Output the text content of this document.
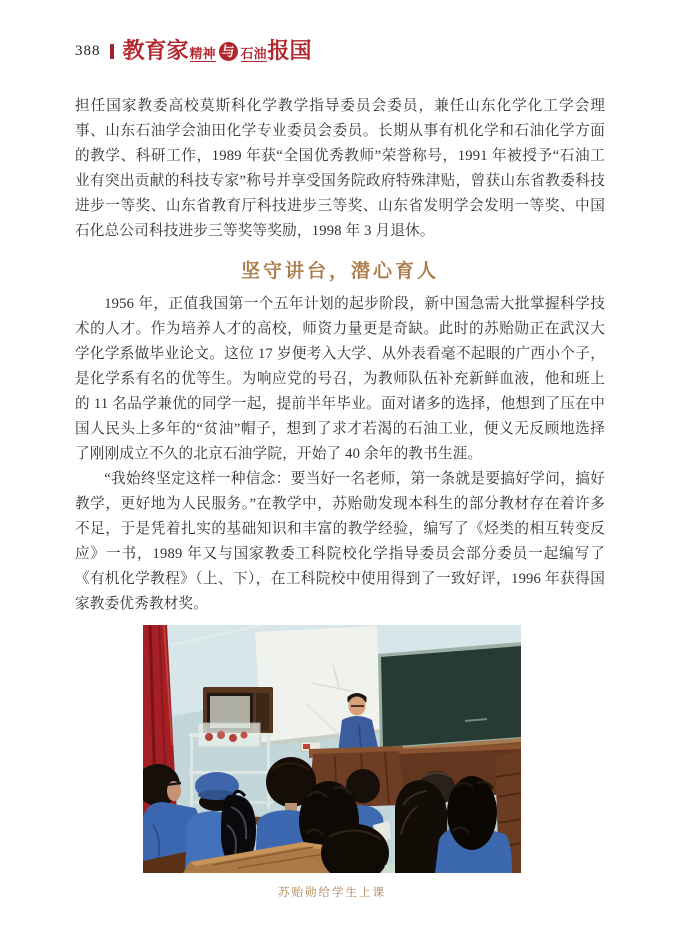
388 教育家 精神 与 石油 报国

担任国家教委高校莫斯科化学教学指导委员会委员，兼任山东化学化工学会理事、山东石油学会油田化学专业委员会委员。长期从事有机化学和石油化学方面的教学、科研工作，1989 年获“全国优秀教师”荣誉称号，1991 年被授予“石油工业有突出贡献的科技专家”称号并享受国务院政府特殊津贴，曾获山东省教委科技进步一等奖、山东省教育厅科技进步三等奖、山东省发明学会发明一等奖、中国石化总公司科技进步三等奖等奖励，1998 年 3 月退休。

坚守讲台，潜心育人

1956 年，正值我国第一个五年计划的起步阶段，新中国急需大批掌握科学技术的人才。作为培养人才的高校，师资力量更是奇缺。此时的苏贻勋正在武汉大学化学系做毕业论文。这位 17 岁便考入大学、从外表看毫不起眼的广西小个子，是化学系有名的优等生。为响应党的号召，为教师队伍补充新鲜血液，他和班上的 11 名品学兼优的同学一起，提前半年毕业。面对诸多的选择，他想到了压在中国人民头上多年的“贫油”帽子，想到了求才若渴的石油工业，便义无反顾地选择了刚刚成立不久的北京石油学院，开始了 40 余年的教书生涯。

“我始终坚定这样一种信念：要当好一名老师，第一条就是要搞好学问，搞好教学，更好地为人民服务。”在教学中，苏贻勋发现本科生的部分教材存在着许多不足，于是凭着扎实的基础知识和丰富的教学经验，编写了《烃类的相互转变反应》一书，1989 年又与国家教委工科院校化学指导委员会部分委员一起编写了《有机化学教程》（上、下），在工科院校中使用得到了一致好评，1996 年获得国家教委优秀教材奖。

苏贻勋给学生上课
